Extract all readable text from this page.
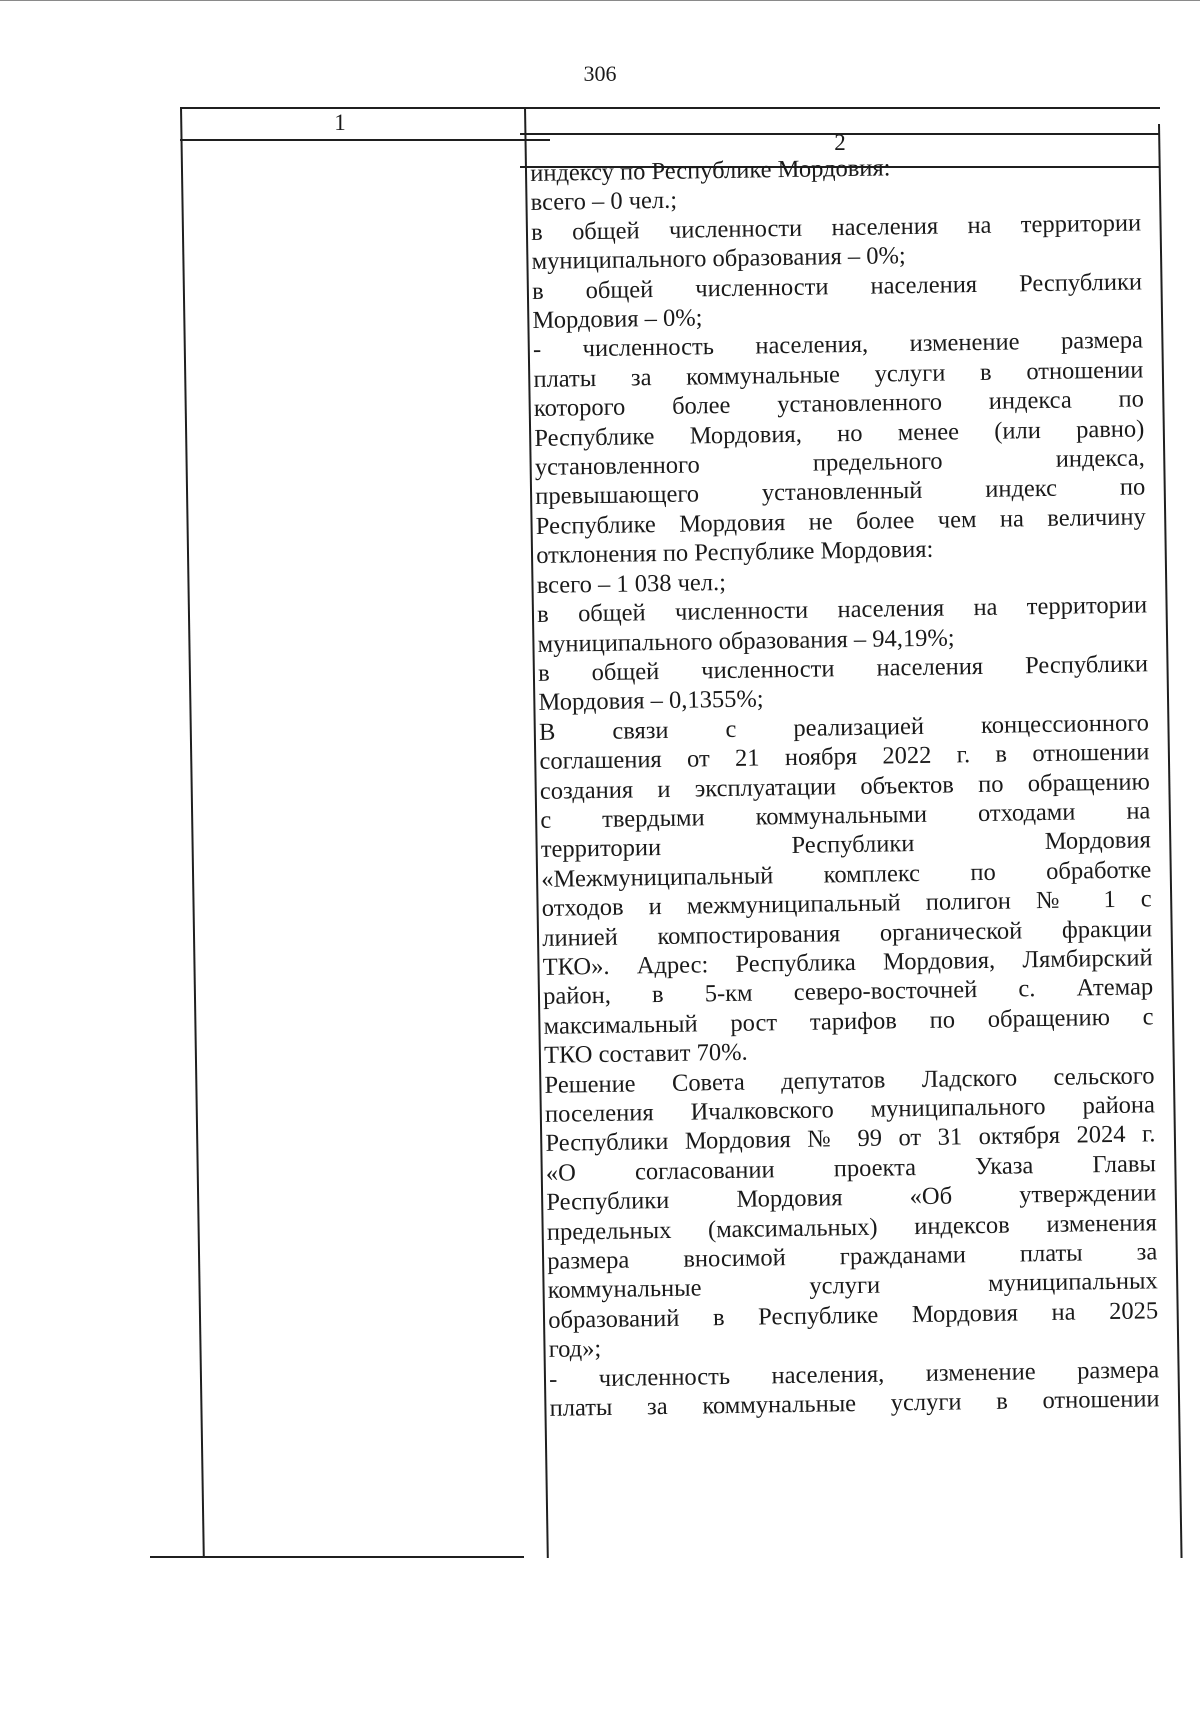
306
1
2
индексу по Республике Мордовия:
всего – 0 чел.;
в общей численности населения на территории
муниципального образования – 0%;
в общей численности населения Республики
Мордовия – 0%;
- численность населения, изменение размера
платы за коммунальные услуги в отношении
которого более установленного индекса по
Республике Мордовия, но менее (или равно)
установленного предельного индекса,
превышающего установленный индекс по
Республике Мордовия не более чем на величину
отклонения по Республике Мордовия:
всего – 1 038 чел.;
в общей численности населения на территории
муниципального образования – 94,19%;
в общей численности населения Республики
Мордовия – 0,1355%;
В связи с реализацией концессионного
соглашения от 21 ноября 2022 г. в отношении
создания и эксплуатации объектов по обращению
с твердыми коммунальными отходами на
территории Республики Мордовия
«Межмуниципальный комплекс по обработке
отходов и межмуниципальный полигон № 1 с
линией компостирования органической фракции
ТКО». Адрес: Республика Мордовия, Лямбирский
район, в 5-км северо-восточней с. Атемар
максимальный рост тарифов по обращению с
ТКО составит 70%.
Решение Совета депутатов Ладского сельского
поселения Ичалковского муниципального района
Республики Мордовия № 99 от 31 октября 2024 г.
«О согласовании проекта Указа Главы
Республики Мордовия «Об утверждении
предельных (максимальных) индексов изменения
размера вносимой гражданами платы за
коммунальные услуги муниципальных
образований в Республике Мордовия на 2025
год»;
- численность населения, изменение размера
платы за коммунальные услуги в отношении
